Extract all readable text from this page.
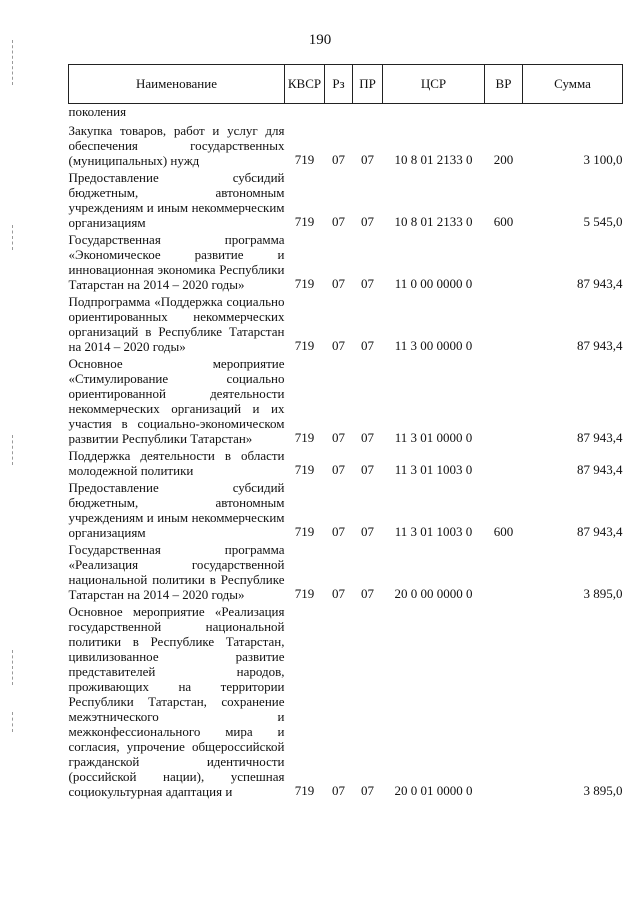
190
Наименование	КВСР	Рз	ПР	ЦСР	ВР	Сумма
поколения						
Закупка товаров, работ и услуг для обеспечения государственных (муниципальных) нужд	719	07	07	10 8 01 2133 0	200	3 100,0
Предоставление субсидий бюджетным, автономным учреждениям и иным некоммерческим организациям	719	07	07	10 8 01 2133 0	600	5 545,0
Государственная программа «Экономическое развитие и инновационная экономика Республики Татарстан на 2014 – 2020 годы»	719	07	07	11 0 00 0000 0		87 943,4
Подпрограмма «Поддержка социально ориентированных некоммерческих организаций в Республике Татарстан на 2014 – 2020 годы»	719	07	07	11 3 00 0000 0		87 943,4
Основное мероприятие «Стимулирование социально ориентированной деятельности некоммерческих организаций и их участия в социально-экономическом развитии Республики Татарстан»	719	07	07	11 3 01 0000 0		87 943,4
Поддержка деятельности в области молодежной политики	719	07	07	11 3 01 1003 0		87 943,4
Предоставление субсидий бюджетным, автономным учреждениям и иным некоммерческим организациям	719	07	07	11 3 01 1003 0	600	87 943,4
Государственная программа «Реализация государственной национальной политики в Республике Татарстан на 2014 – 2020 годы»	719	07	07	20 0 00 0000 0		3 895,0
Основное мероприятие «Реализация государственной национальной политики в Республике Татарстан, цивилизованное развитие представителей народов, проживающих на территории Республики Татарстан, сохранение межэтнического и межконфессионального мира и согласия, упрочение общероссийской гражданской идентичности (российской нации), успешная социокультурная адаптация и	719	07	07	20 0 01 0000 0		3 895,0
